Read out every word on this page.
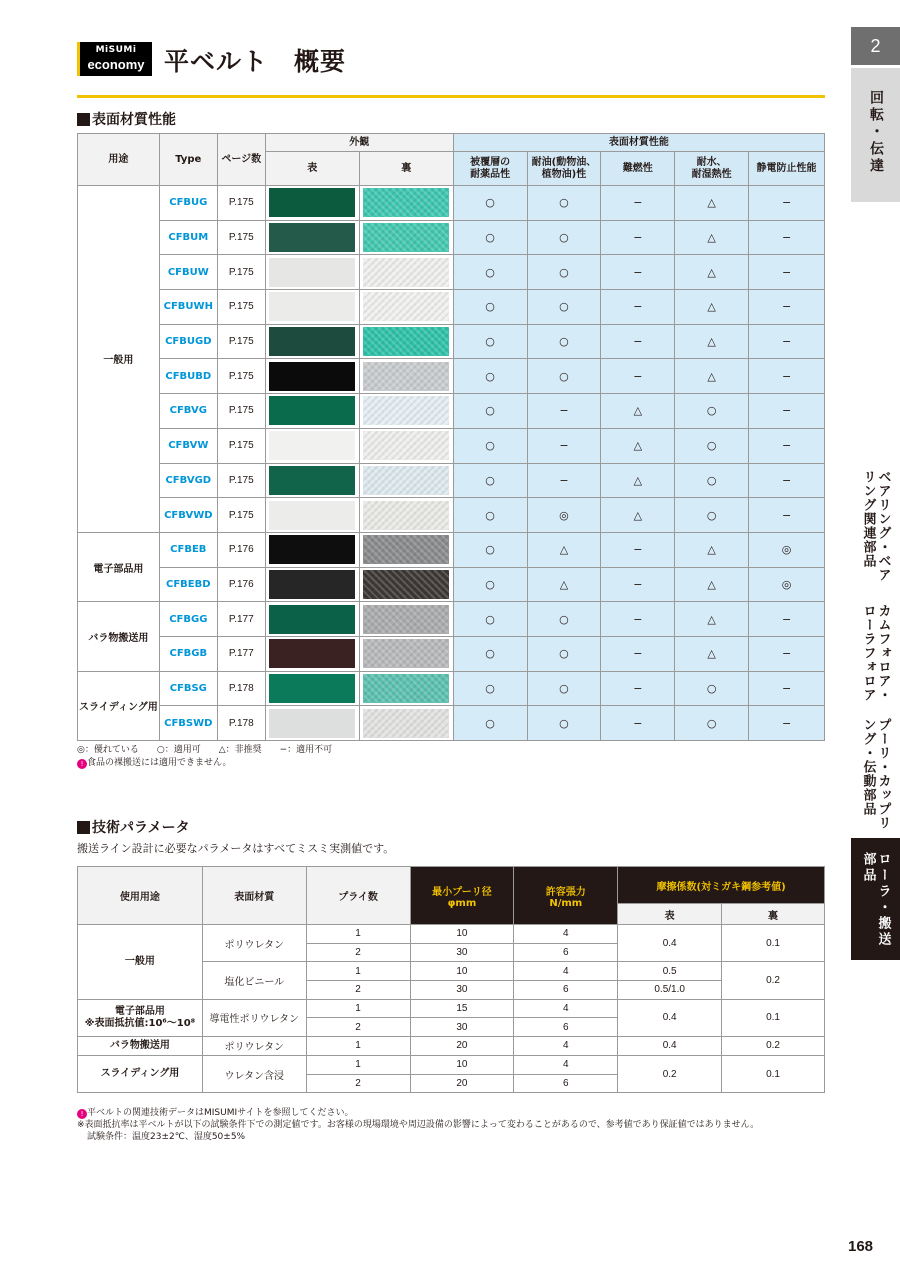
MiSUMi
economy 平ベルト　概要
2
回転・伝達
ベアリング・ベアリング関連部品
カムフォロア・ローラフォロア
プーリ・カップリング・伝動部品
ローラ・搬送部品
表面材質性能
用途	Type	ページ数	外観		表面材質性能				
			表	裏	被覆層の
耐薬品性	耐油(動物油、
植物油)性	難燃性	耐水、
耐湿熱性	静電防止性能
一般用	CFBUG	P.175			○	○	−	△	−
	CFBUM	P.175			○	○	−	△	−
	CFBUW	P.175			○	○	−	△	−
	CFBUWH	P.175			○	○	−	△	−
	CFBUGD	P.175			○	○	−	△	−
	CFBUBD	P.175			○	○	−	△	−
	CFBVG	P.175			○	−	△	○	−
	CFBVW	P.175			○	−	△	○	−
	CFBVGD	P.175			○	−	△	○	−
	CFBVWD	P.175			○	◎	△	○	−
電子部品用	CFBEB	P.176			○	△	−	△	◎
	CFBEBD	P.176			○	△	−	△	◎
バラ物搬送用	CFBGG	P.177			○	○	−	△	−
	CFBGB	P.177			○	○	−	△	−
スライディング用	CFBSG	P.178			○	○	−	○	−
	CFBSWD	P.178			○	○	−	○	−
◎：優れている　　○：適用可　　△：非推奨　　−：適用不可
! 食品の裸搬送には適用できません。
技術パラメータ
搬送ライン設計に必要なパラメータはすべてミスミ実測値です。
使用用途	表面材質	プライ数	最小プーリ径
φmm	許容張力
N/mm	摩擦係数(対ミガキ鋼参考値)	
					表	裏
一般用	ポリウレタン	1	10	4	0.4	0.1
		2	30	6		
	塩化ビニール	1	10	4	0.5	0.2
		2	30	6	0.5/1.0	
電子部品用
※表面抵抗値:10⁶〜10⁸	導電性ポリウレタン	1	15	4	0.4	0.1
		2	30	6		
バラ物搬送用	ポリウレタン	1	20	4	0.4	0.2
スライディング用	ウレタン含浸	1	10	4	0.2	0.1
		2	20	6		
! 平ベルトの関連技術データはMISUMIサイトを参照してください。
※表面抵抗率は平ベルトが以下の試験条件下での測定値です。お客様の現場環境や周辺設備の影響によって変わることがあるので、参考値であり保証値ではありません。
試験条件：温度23±2℃、湿度50±5%
168
